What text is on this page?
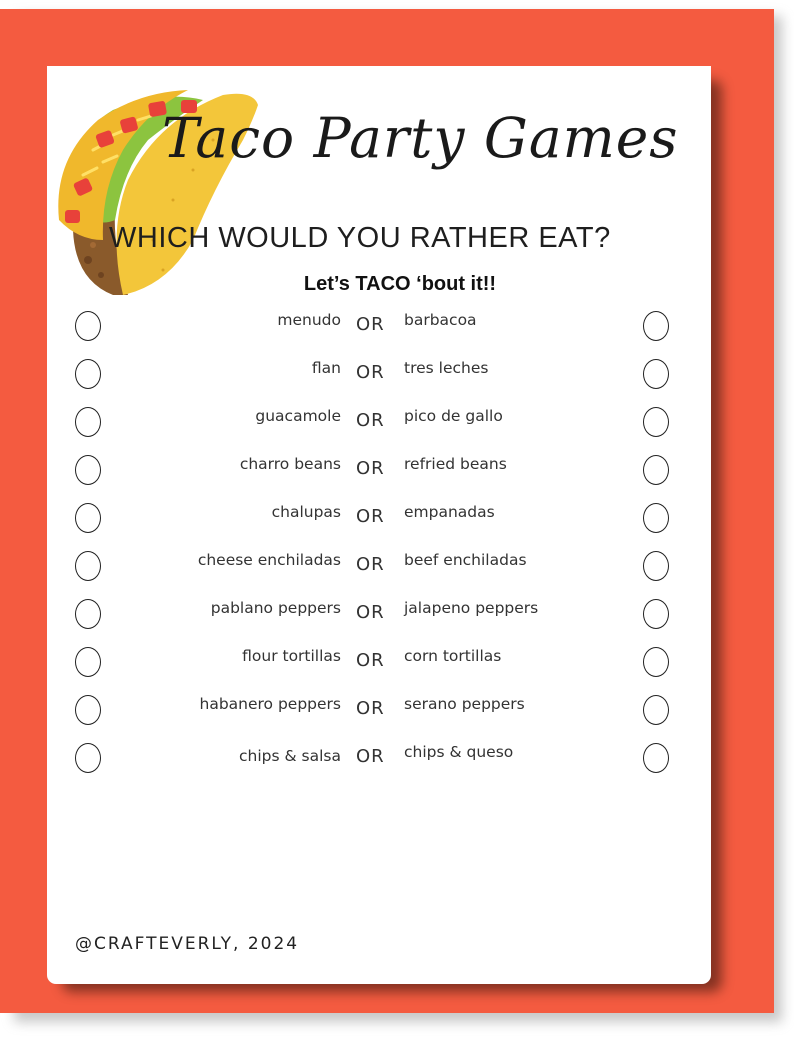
Taco Party Games
WHICH WOULD YOU RATHER EAT?
Let’s TACO ‘bout it!!
menudo OR barbacoa
flan OR tres leches
guacamole OR pico de gallo
charro beans OR refried beans
chalupas OR empanadas
cheese enchiladas OR beef enchiladas
pablano peppers OR jalapeno peppers
flour tortillas OR corn tortillas
habanero peppers OR serano peppers
chips & salsa OR chips & queso
@CRAFTEVERLY, 2024
